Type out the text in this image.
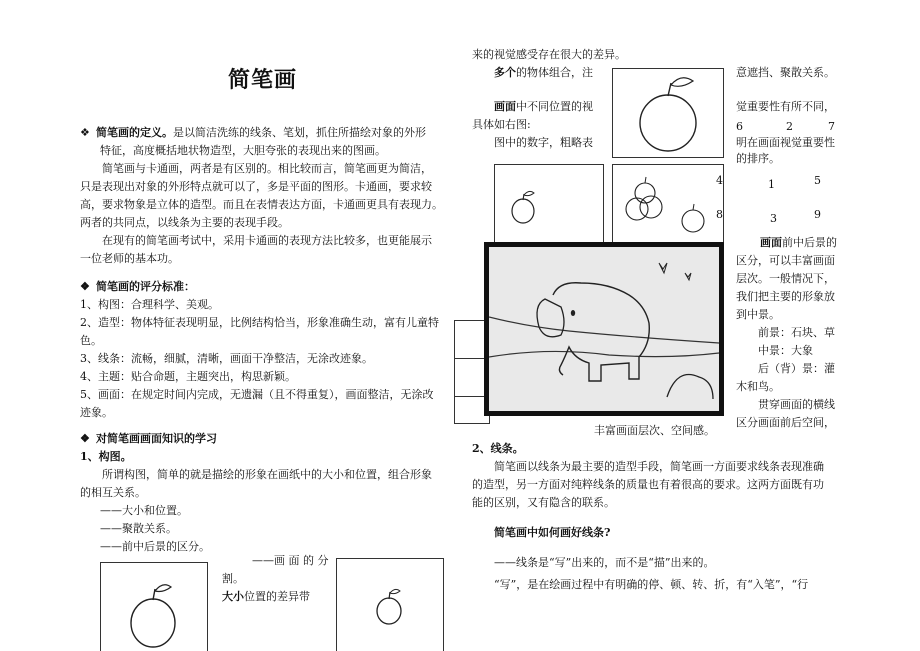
简笔画

❖ 简笔画的定义。是以简洁洗练的线条、笔划，抓住所描绘对象的外形

特征，高度概括地状物造型，大胆夸张的表现出来的图画。

简笔画与卡通画，两者是有区别的。相比较而言，简笔画更为简洁，

只是表现出对象的外形特点就可以了，多是平面的图形。卡通画，要求较

高，要求物象是立体的造型。而且在表情表达方面，卡通画更具有表现力。

两者的共同点，以线条为主要的表现手段。

在现有的简笔画考试中，采用卡通画的表现方法比较多，也更能展示

一位老师的基本功。

❖ 简笔画的评分标准：

1、构图：合理科学、美观。

2、造型：物体特征表现明显，比例结构恰当，形象准确生动，富有儿童特

色。

3、线条：流畅，细腻，清晰，画面干净整洁，无涂改迹象。

4、主题：贴合命题，主题突出，构思新颖。

5、画面：在规定时间内完成，无遗漏（且不得重复），画面整洁，无涂改

迹象。

❖ 对简笔画画面知识的学习

1、构图。

所谓构图，简单的就是描绘的形象在画纸中的大小和位置，组合形象

的相互关系。

——大小和位置。

——聚散关系。

——前中后景的区分。

——画 面 的 分

割。

大小位置的差异带

来的视觉感受存在很大的差异。
多个的物体组合，注	意遮挡、聚散关系。
画面中不同位置的视	觉重要性有所不同，
具体如右图:	6	2	7
图中的数字，粗略表	明在画面视觉重要性
的排序。
4	1	5
8	3	9

画面前中后景的

区分，可以丰富画面

层次。一般情况下，

我们把主要的形象放

到中景。

前景：石块、草

中景：大象

后（背）景：灌

木和鸟。

贯穿画面的横线

区分画面前后空间，

丰富画面层次、空间感。

2、线条。

简笔画以线条为最主要的造型手段，简笔画一方面要求线条表现准确

的造型，另一方面对纯粹线条的质量也有着很高的要求。这两方面既有功

能的区别，又有隐含的联系。

简笔画中如何画好线条?
——线条是“写”出来的，而不是“描”出来的。
“写”，是在绘画过程中有明确的停、顿、转、折，有“入笔”，“行
